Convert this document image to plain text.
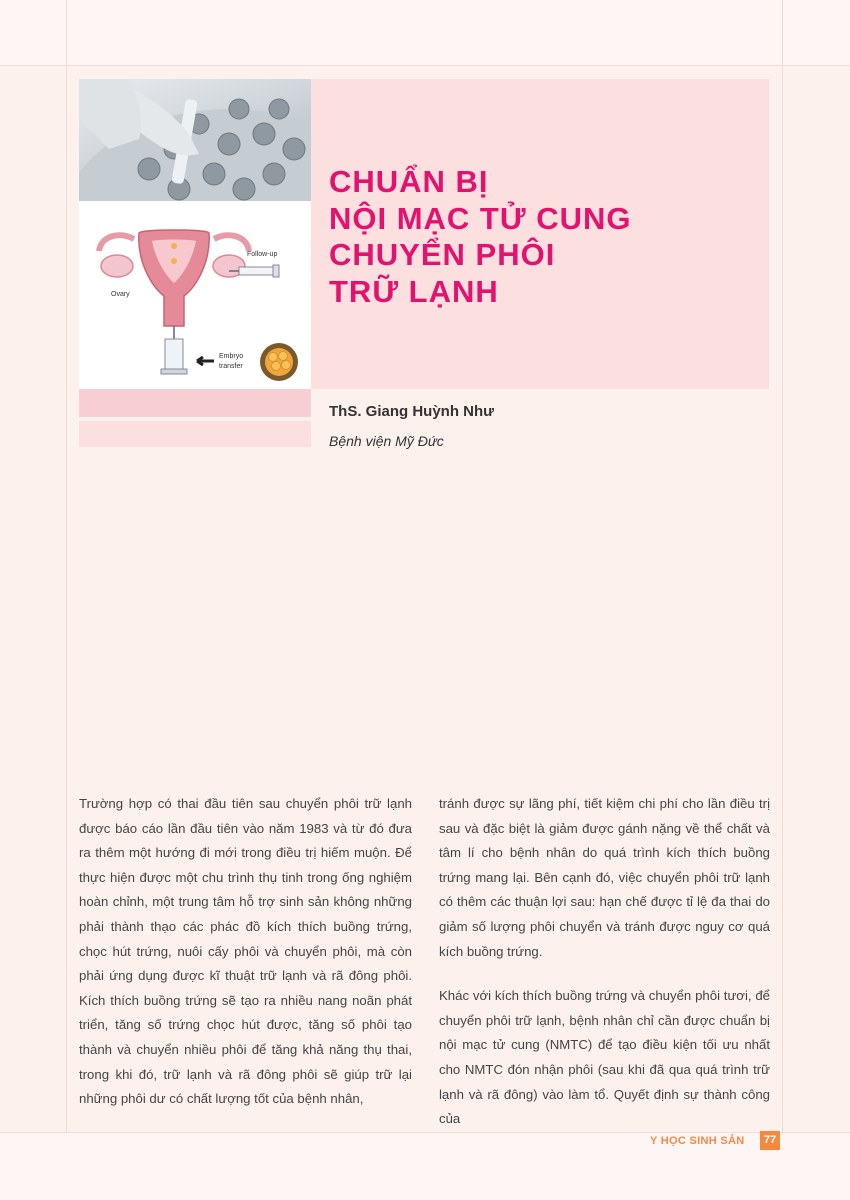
Follow-up
Ovary
Embryo
transfer
CHUẨN BỊ
NỘI MẠC TỬ CUNG
CHUYỂN PHÔI
TRỮ LẠNH
ThS. Giang Huỳnh Như
Bệnh viện Mỹ Đức

Trường hợp có thai đầu tiên sau chuyển phôi trữ lạnh được báo cáo lần đầu tiên vào năm 1983 và từ đó đưa ra thêm một hướng đi mới trong điều trị hiếm muộn. Để thực hiện được một chu trình thụ tinh trong ống nghiệm hoàn chỉnh, một trung tâm hỗ trợ sinh sản không những phải thành thạo các phác đồ kích thích buồng trứng, chọc hút trứng, nuôi cấy phôi và chuyển phôi, mà còn phải ứng dụng được kĩ thuật trữ lạnh và rã đông phôi. Kích thích buồng trứng sẽ tạo ra nhiều nang noãn phát triển, tăng số trứng chọc hút được, tăng số phôi tạo thành và chuyển nhiều phôi để tăng khả năng thụ thai, trong khi đó, trữ lạnh và rã đông phôi sẽ giúp trữ lại những phôi dư có chất lượng tốt của bệnh nhân,

tránh được sự lãng phí, tiết kiệm chi phí cho lần điều trị sau và đặc biệt là giảm được gánh nặng về thể chất và tâm lí cho bệnh nhân do quá trình kích thích buồng trứng mang lại. Bên cạnh đó, việc chuyển phôi trữ lạnh có thêm các thuận lợi sau: hạn chế được tỉ lệ đa thai do giảm số lượng phôi chuyển và tránh được nguy cơ quá kích buồng trứng.

Khác với kích thích buồng trứng và chuyển phôi tươi, để chuyển phôi trữ lạnh, bệnh nhân chỉ cần được chuẩn bị nội mạc tử cung (NMTC) để tạo điều kiện tối ưu nhất cho NMTC đón nhận phôi (sau khi đã qua quá trình trữ lạnh và rã đông) vào làm tổ. Quyết định sự thành công của

Y HỌC SINH SẢN	77
